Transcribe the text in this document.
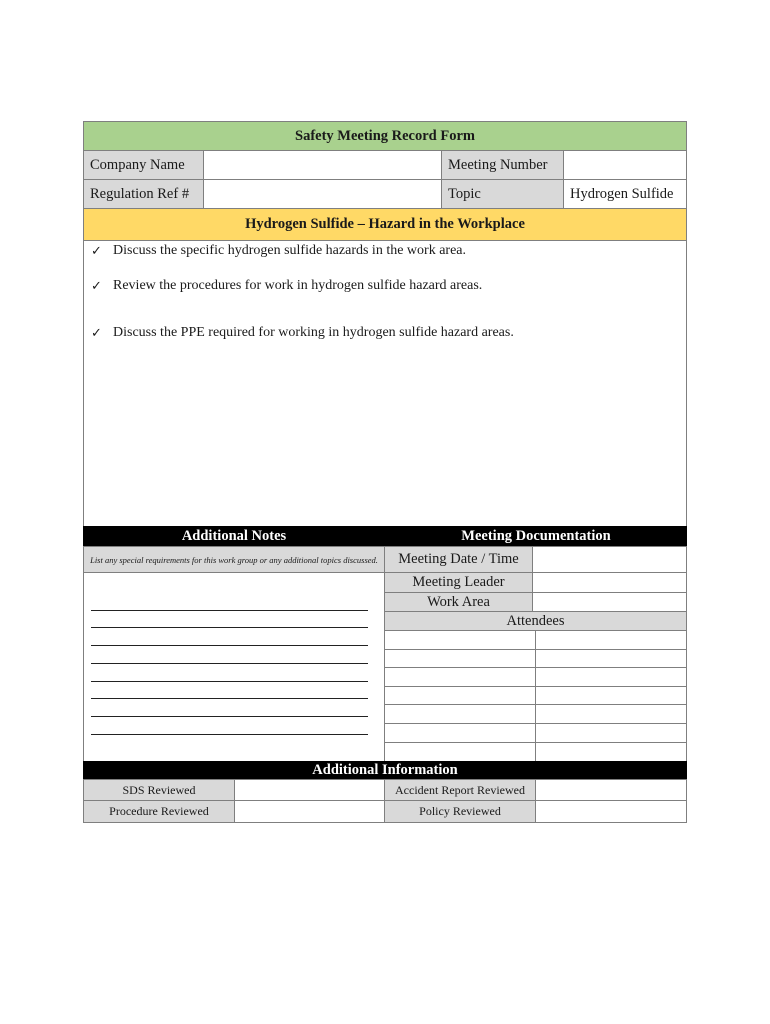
Safety Meeting Record Form
Company Name	Meeting Number
Regulation Ref #	Topic	Hydrogen Sulfide
Hydrogen Sulfide – Hazard in the Workplace
✓ Discuss the specific hydrogen sulfide hazards in the work area.
✓ Review the procedures for work in hydrogen sulfide hazard areas.
✓ Discuss the PPE required for working in hydrogen sulfide hazard areas.
Additional Notes	Meeting Documentation
List any special requirements for this work group or any additional topics discussed.	Meeting Date / Time
Meeting Leader
Work Area
Attendees
Additional Information
SDS Reviewed	Accident Report Reviewed
Procedure Reviewed	Policy Reviewed
